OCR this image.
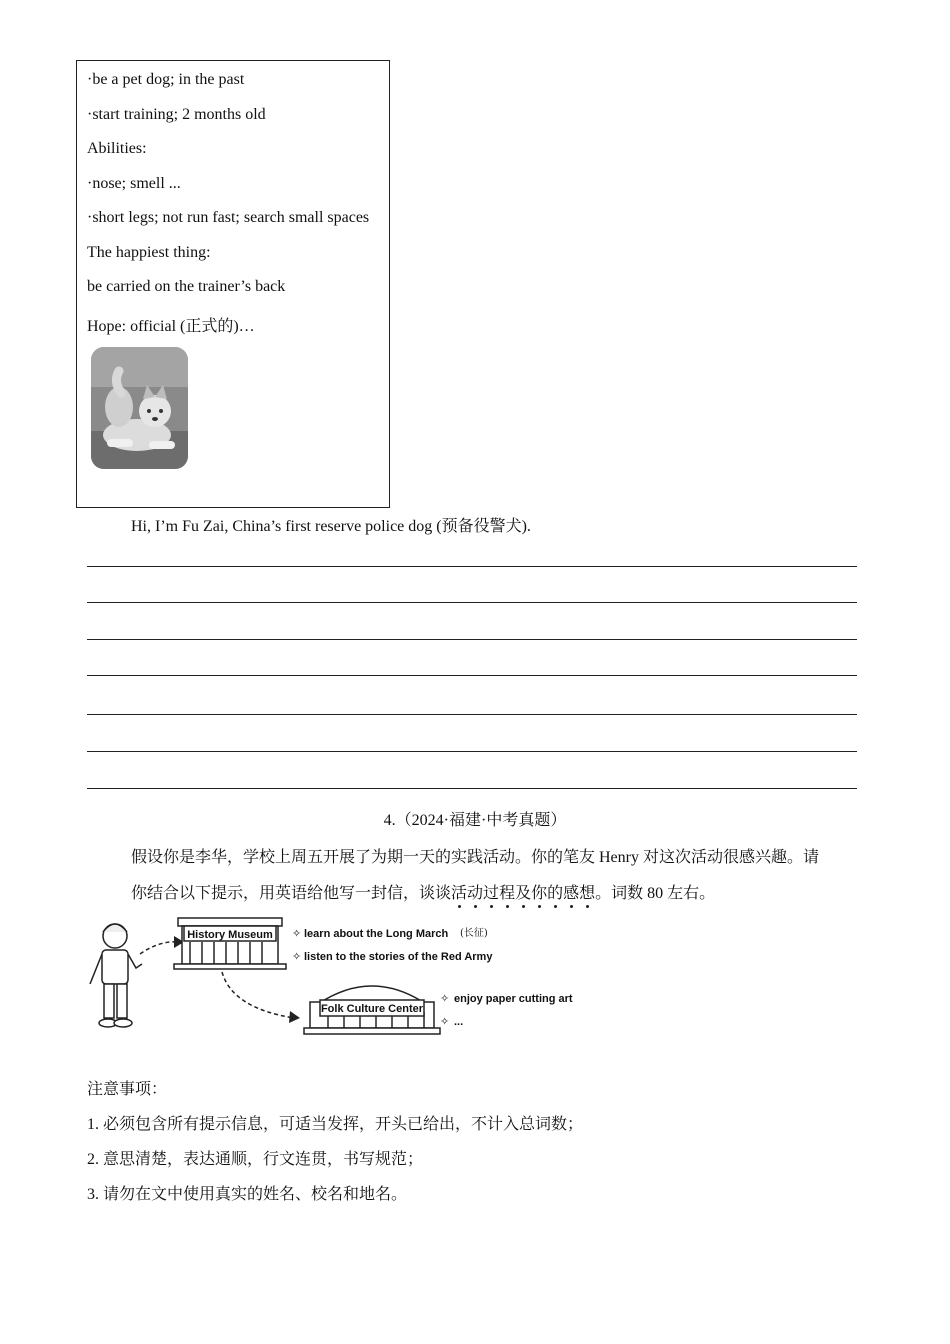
·be a pet dog; in the past
·start training; 2 months old
Abilities:
·nose; smell ...
·short legs; not run fast; search small spaces
The happiest thing:
be carried on the trainer’s back
Hope: official (正式的)…
Hi, I’m Fu Zai, China’s first reserve police dog (预备役警犬).
4.（2024·福建·中考真题）
假设你是李华，学校上周五开展了为期一天的实践活动。你的笔友 Henry 对这次活动很感兴趣。请
你结合以下提示，用英语给他写一封信，谈谈活动过程及你的感想。词数 80 左右。
History Museum ✧ learn about the Long March (长征)
✧ listen to the stories of the Red Army
Folk Culture Center
✧ enjoy paper cutting art
✧ ...
注意事项：
1. 必须包含所有提示信息，可适当发挥，开头已给出，不计入总词数；
2. 意思清楚，表达通顺，行文连贯，书写规范；
3. 请勿在文中使用真实的姓名、校名和地名。
